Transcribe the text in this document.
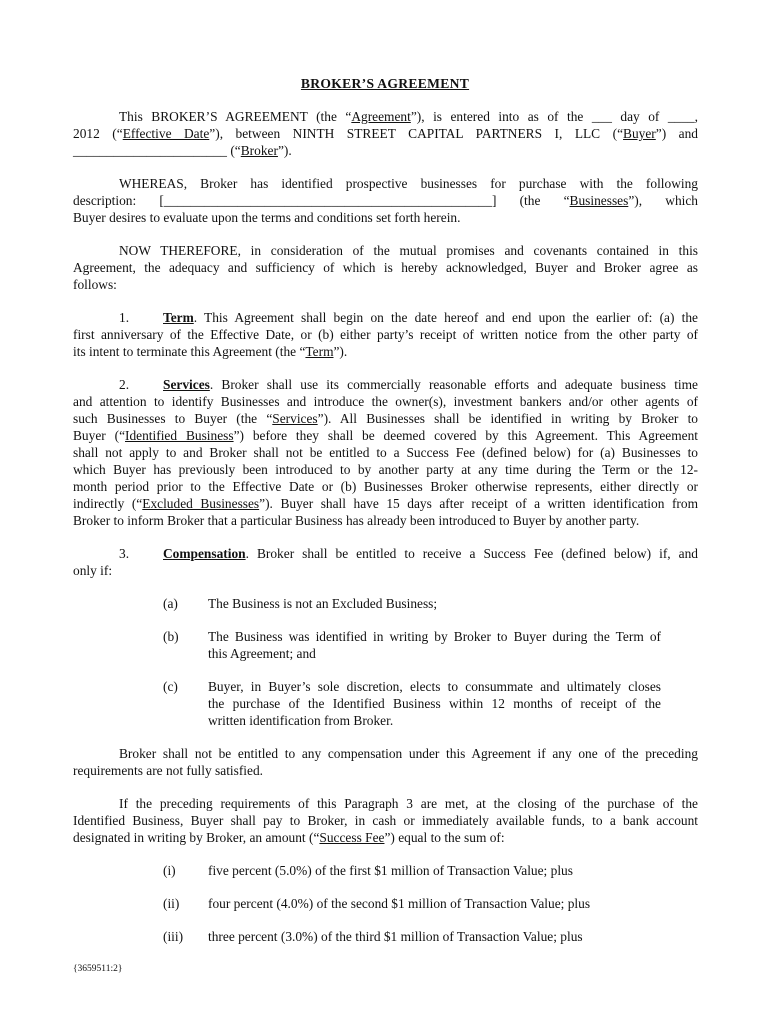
BROKER’S AGREEMENT
This BROKER’S AGREEMENT (the “Agreement”), is entered into as of the ___ day of ____,
2012 (“Effective Date”), between NINTH STREET CAPITAL PARTNERS I, LLC (“Buyer”) and
_______________________ (“Broker”).
WHEREAS, Broker has identified prospective businesses for purchase with the following
description: [_________________________________________________] (the “Businesses”), which
Buyer desires to evaluate upon the terms and conditions set forth herein.
NOW THEREFORE, in consideration of the mutual promises and covenants contained in this
Agreement, the adequacy and sufficiency of which is hereby acknowledged, Buyer and Broker agree as
follows:
1.	Term. This Agreement shall begin on the date hereof and end upon the earlier of: (a) the
first anniversary of the Effective Date, or (b) either party’s receipt of written notice from the other party of
its intent to terminate this Agreement (the “Term”).
2.	Services. Broker shall use its commercially reasonable efforts and adequate business time
and attention to identify Businesses and introduce the owner(s), investment bankers and/or other agents of
such Businesses to Buyer (the “Services”). All Businesses shall be identified in writing by Broker to
Buyer (“Identified Business”) before they shall be deemed covered by this Agreement. This Agreement
shall not apply to and Broker shall not be entitled to a Success Fee (defined below) for (a) Businesses to
which Buyer has previously been introduced to by another party at any time during the Term or the 12-
month period prior to the Effective Date or (b) Businesses Broker otherwise represents, either directly or
indirectly (“Excluded Businesses”). Buyer shall have 15 days after receipt of a written identification from
Broker to inform Broker that a particular Business has already been introduced to Buyer by another party.
3.	Compensation. Broker shall be entitled to receive a Success Fee (defined below) if, and
only if:
(a) The Business is not an Excluded Business;
(b) The Business was identified in writing by Broker to Buyer during the Term of
this Agreement; and
(c) Buyer, in Buyer’s sole discretion, elects to consummate and ultimately closes
the purchase of the Identified Business within 12 months of receipt of the
written identification from Broker.
Broker shall not be entitled to any compensation under this Agreement if any one of the preceding
requirements are not fully satisfied.
If the preceding requirements of this Paragraph 3 are met, at the closing of the purchase of the
Identified Business, Buyer shall pay to Broker, in cash or immediately available funds, to a bank account
designated in writing by Broker, an amount (“Success Fee”) equal to the sum of:
(i) five percent (5.0%) of the first $1 million of Transaction Value; plus
(ii) four percent (4.0%) of the second $1 million of Transaction Value; plus
(iii) three percent (3.0%) of the third $1 million of Transaction Value; plus
{3659511:2}
